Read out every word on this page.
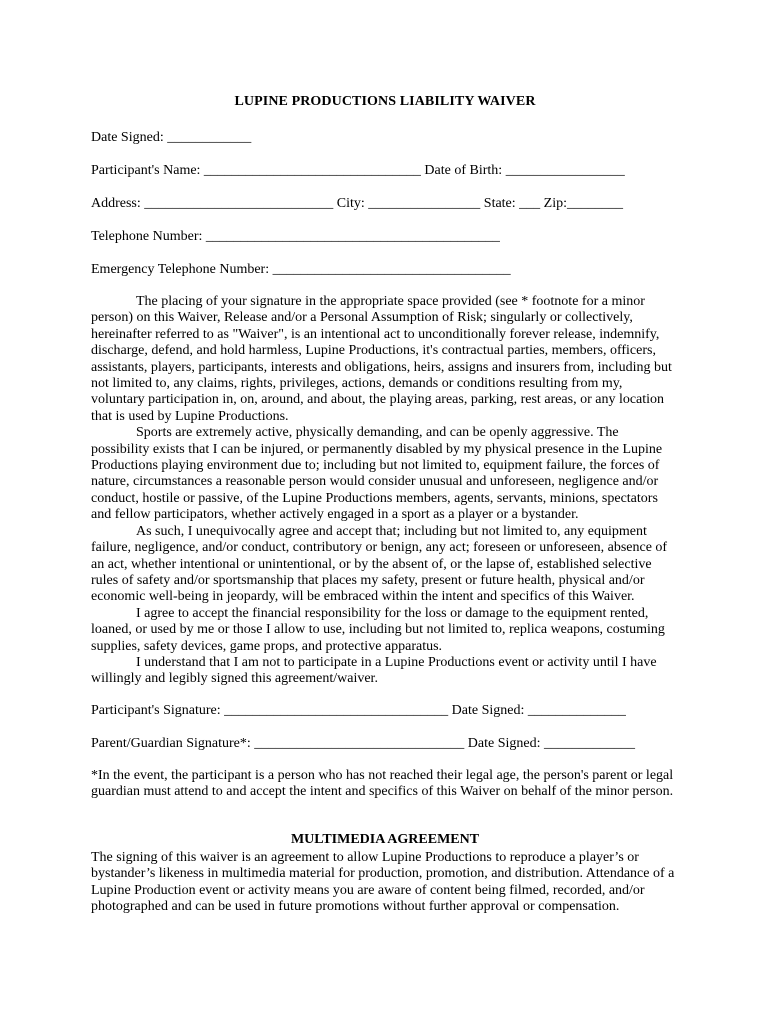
LUPINE PRODUCTIONS LIABILITY WAIVER
Date Signed: ____________
Participant's Name: _______________________________ Date of Birth: _________________
Address: ___________________________ City: ________________ State: ___ Zip:________
Telephone Number: __________________________________________
Emergency Telephone Number: __________________________________

The placing of your signature in the appropriate space provided (see * footnote for a minor person) on this Waiver, Release and/or a Personal Assumption of Risk; singularly or collectively, hereinafter referred to as "Waiver", is an intentional act to unconditionally forever release, indemnify, discharge, defend, and hold harmless, Lupine Productions, it's contractual parties, members, officers, assistants, players, participants, interests and obligations, heirs, assigns and insurers from, including but not limited to, any claims, rights, privileges, actions, demands or conditions resulting from my, voluntary participation in, on, around, and about, the playing areas, parking, rest areas, or any location that is used by Lupine Productions.

Sports are extremely active, physically demanding, and can be openly aggressive. The possibility exists that I can be injured, or permanently disabled by my physical presence in the Lupine Productions playing environment due to; including but not limited to, equipment failure, the forces of nature, circumstances a reasonable person would consider unusual and unforeseen, negligence and/or conduct, hostile or passive, of the Lupine Productions members, agents, servants, minions, spectators and fellow participators, whether actively engaged in a sport as a player or a bystander.

As such, I unequivocally agree and accept that; including but not limited to, any equipment failure, negligence, and/or conduct, contributory or benign, any act; foreseen or unforeseen, absence of an act, whether intentional or unintentional, or by the absent of, or the lapse of, established selective rules of safety and/or sportsmanship that places my safety, present or future health, physical and/or economic well-being in jeopardy, will be embraced within the intent and specifics of this Waiver.

I agree to accept the financial responsibility for the loss or damage to the equipment rented, loaned, or used by me or those I allow to use, including but not limited to, replica weapons, costuming supplies, safety devices, game props, and protective apparatus.

I understand that I am not to participate in a Lupine Productions event or activity until I have willingly and legibly signed this agreement/waiver.

Participant's Signature: ________________________________ Date Signed: ______________
Parent/Guardian Signature*: ______________________________ Date Signed: _____________

*In the event, the participant is a person who has not reached their legal age, the person's parent or legal guardian must attend to and accept the intent and specifics of this Waiver on behalf of the minor person.

MULTIMEDIA AGREEMENT

The signing of this waiver is an agreement to allow Lupine Productions to reproduce a player’s or bystander’s likeness in multimedia material for production, promotion, and distribution. Attendance of a Lupine Production event or activity means you are aware of content being filmed, recorded, and/or photographed and can be used in future promotions without further approval or compensation.
